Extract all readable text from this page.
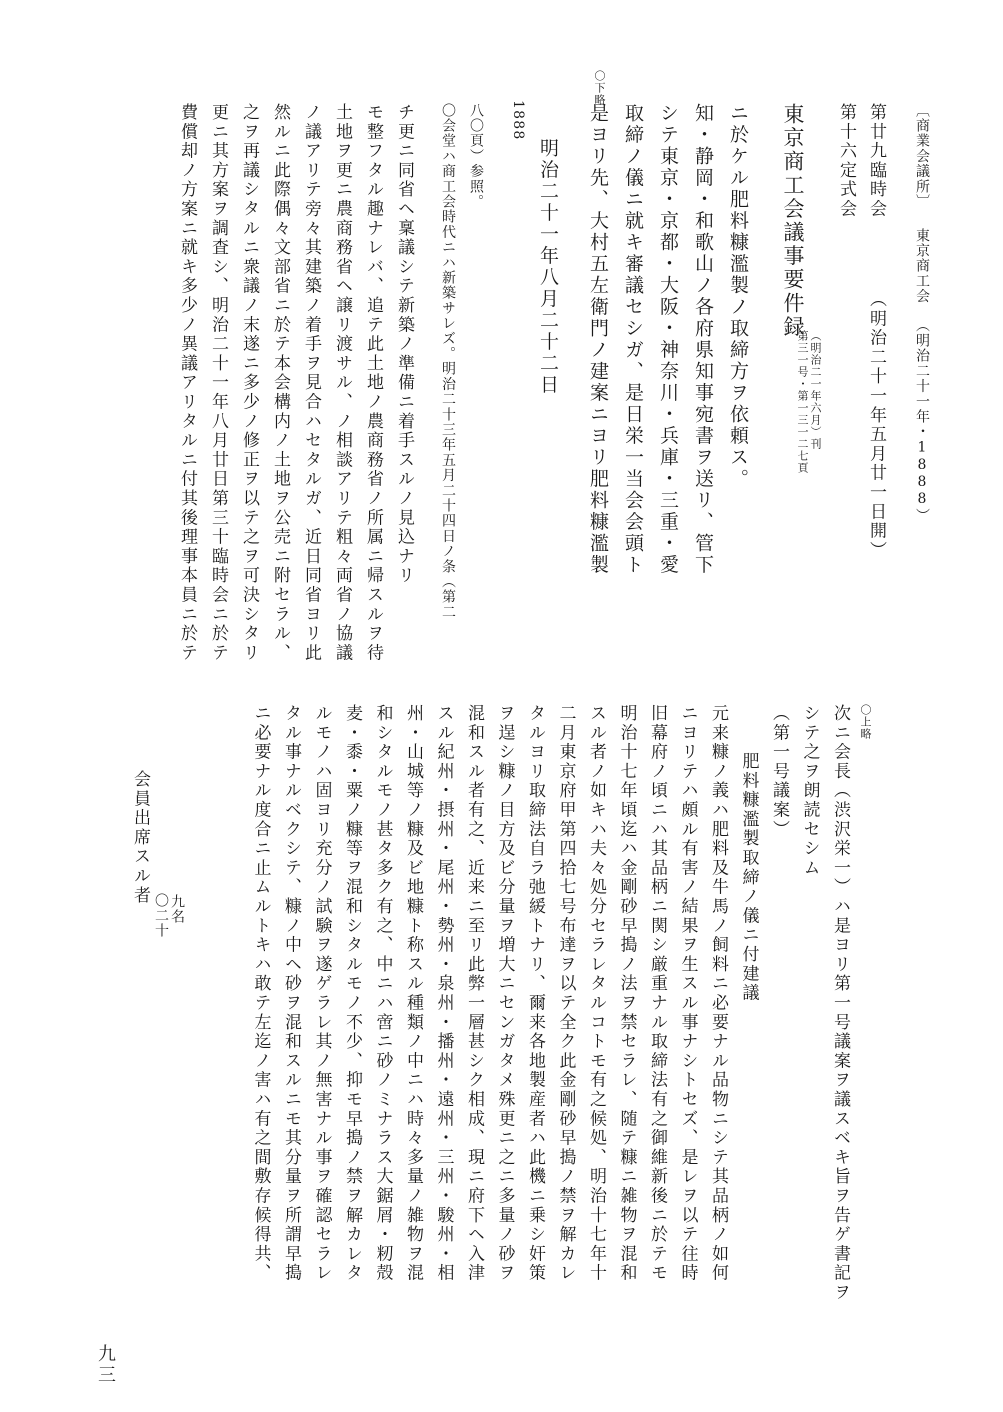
費償却ノ方案ニ就キ多少ノ異議アリタルニ付其後理事本員ニ於テ 更ニ其方案ヲ調査シ、明治二十一年八月廿日第三十臨時会ニ於テ 之ヲ再議シタルニ衆議ノ末遂ニ多少ノ修正ヲ以テ之ヲ可決シタリ 然ルニ此際偶々文部省ニ於テ本会構内ノ土地ヲ公売ニ附セラル、 ノ議アリテ旁々其建築ノ着手ヲ見合ハセタルガ、近日同省ヨリ此 土地ヲ更ニ農商務省ヘ譲リ渡サル、ノ相談アリテ粗々両省ノ協議 モ整フタル趣ナレバ、追テ此土地ノ農商務省ノ所属ニ帰スルヲ待 チ更ニ同省ヘ稟議シテ新築ノ準備ニ着手スルノ見込ナリ
〇下略
〇会堂ハ商工会時代ニハ新築サレズ。明治二十三年五月二十四日ノ条（第二 八〇頁）参照。 1888
明治二十一年八月二十二日 是ヨリ先、大村五左衛門ノ建案ニヨリ肥料糠濫製 取締ノ儀ニ就キ審議セシガ、是日栄一当会会頭ト シテ東京・京都・大阪・神奈川・兵庫・三重・愛 知・静岡・和歌山ノ各府県知事宛書ヲ送リ、管下 ニ於ケル肥料糠濫製ノ取締方ヲ依頼ス。 東京商工会議事要件録
第三一号・第一三一二七頁 （明治二一年六月）刊
第十六定式会
（明治二十一年五月廿一日開）
第廿九臨時会 〔商業会議所〕
東京商工会
（明治二十一年・1888）
〇上略
会員出席スル者
〇二十 九名	次ニ会長（渋沢栄一）ハ是ヨリ第一号議案ヲ議スベキ旨ヲ告ゲ書記ヲ
シテ之ヲ朗読セシム
（第一号議案）
肥料糠濫製取締ノ儀ニ付建議
元来糠ノ義ハ肥料及牛馬ノ飼料ニ必要ナル品物ニシテ其品柄ノ如何
ニヨリテハ頗ル有害ノ結果ヲ生スル事ナシトセズ、是レヲ以テ往時
旧幕府ノ頃ニハ其品柄ニ関シ厳重ナル取締法有之御維新後ニ於テモ
明治十七年頃迄ハ金剛砂早搗ノ法ヲ禁セラレ、随テ糠ニ雑物ヲ混和
スル者ノ如キハ夫々処分セラレタルコトモ有之候処、明治十七年十
二月東京府甲第四拾七号布達ヲ以テ全ク此金剛砂早搗ノ禁ヲ解カレ
タルヨリ取締法自ラ弛緩トナリ、爾来各地製産者ハ此機ニ乗シ奸策
ヲ逞シ糠ノ目方及ビ分量ヲ増大ニセンガタメ殊更ニ之ニ多量ノ砂ヲ
混和スル者有之、近来ニ至リ此弊一層甚シク相成、現ニ府下ヘ入津
スル紀州・摂州・尾州・勢州・泉州・播州・遠州・三州・駿州・相
州・山城等ノ糠及ビ地糠ト称スル種類ノ中ニハ時々多量ノ雑物ヲ混
和シタルモノ甚タ多ク有之、中ニハ啻ニ砂ノミナラス大鋸屑・籾殻
麦・黍・粟ノ糠等ヲ混和シタルモノ不少、抑モ早搗ノ禁ヲ解カレタ
ルモノハ固ヨリ充分ノ試験ヲ遂ゲラレ其ノ無害ナル事ヲ確認セラレ
タル事ナルベクシテ、糠ノ中ヘ砂ヲ混和スルニモ其分量ヲ所謂早搗
ニ必要ナル度合ニ止ムルトキハ敢テ左迄ノ害ハ有之間敷存候得共、
九三
